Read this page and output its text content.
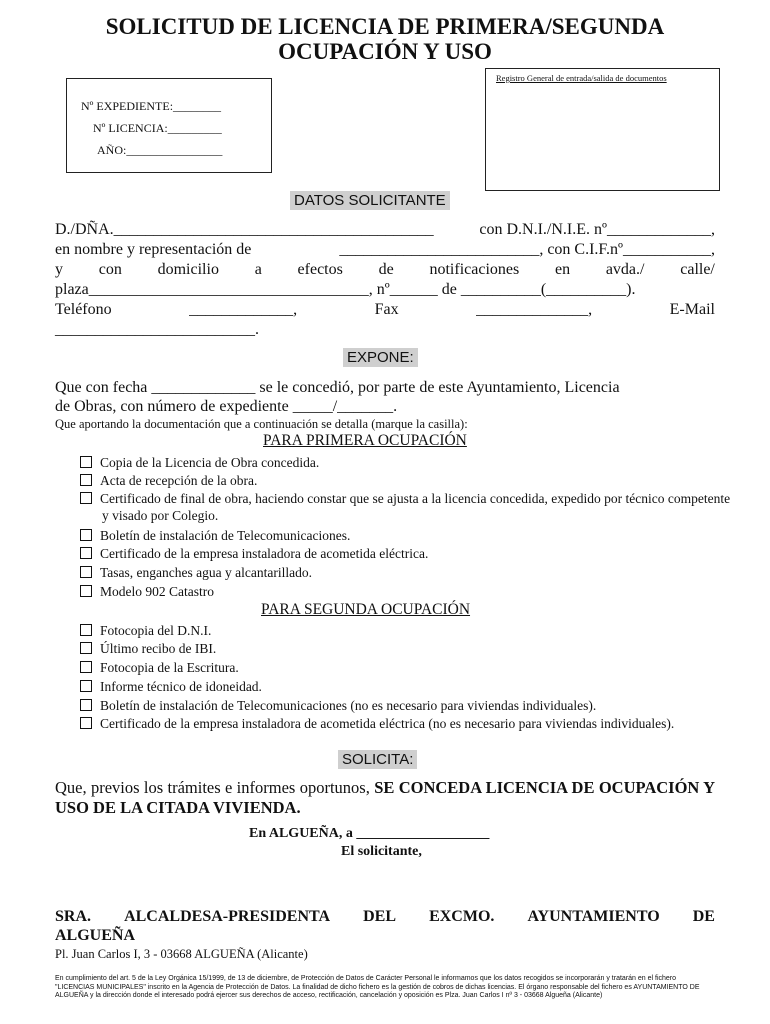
SOLICITUD DE LICENCIA DE PRIMERA/SEGUNDA
OCUPACIÓN Y USO
Nº EXPEDIENTE:________
Nº LICENCIA:_________
AÑO:________________
Registro General de entrada/salida de documentos
DATOS SOLICITANTE
D./DÑA.________________________________________	con D.N.I./N.I.E. nº_____________,
en nombre y representación de	_________________________, con C.I.F.nº___________,
y con domicilio a efectos de notificaciones en avda./ calle/
plaza___________________________________, nº______ de __________(__________).
Teléfono	_____________,	Fax	______________,	E-Mail
_________________________.
EXPONE:
Que con fecha _____________ se le concedió, por parte de este Ayuntamiento, Licencia
de Obras, con número de expediente _____/_______.
Que aportando la documentación que a continuación se detalla (marque la casilla):
PARA PRIMERA OCUPACIÓN
Copia de la Licencia de Obra concedida.
Acta de recepción de la obra.
Certificado de final de obra, haciendo constar que se ajusta a la licencia concedida, expedido por técnico competente y visado por Colegio.
Boletín de instalación de Telecomunicaciones.
Certificado de la empresa instaladora de acometida eléctrica.
Tasas, enganches agua y alcantarillado.
Modelo 902 Catastro
PARA SEGUNDA OCUPACIÓN
Fotocopia del D.N.I.
Último recibo de IBI.
Fotocopia de la Escritura.
Informe técnico de idoneidad.
Boletín de instalación de Telecomunicaciones (no es necesario para viviendas individuales).
Certificado de la empresa instaladora de acometida eléctrica (no es necesario para viviendas individuales).
SOLICITA:
Que, previos los trámites e informes oportunos, SE CONCEDA LICENCIA DE OCUPACIÓN Y USO DE LA CITADA VIVIENDA.
En ALGUEÑA, a ___________________
El solicitante,
SRA. ALCALDESA-PRESIDENTA DEL EXCMO. AYUNTAMIENTO DE
ALGUEÑA
Pl. Juan Carlos I, 3 - 03668 ALGUEÑA (Alicante)
En cumplimiento del art. 5 de la Ley Orgánica 15/1999, de 13 de diciembre, de Protección de Datos de Carácter Personal le informamos que los datos recogidos se incorporarán y tratarán en el fichero "LICENCIAS MUNICIPALES" inscrito en la Agencia de Protección de Datos. La finalidad de dicho fichero es la gestión de cobros de dichas licencias. El órgano responsable del fichero es AYUNTAMIENTO DE ALGUEÑA y la dirección donde el interesado podrá ejercer sus derechos de acceso, rectificación, cancelación y oposición es Plza. Juan Carlos I nº 3 - 03668 Algueña (Alicante)
